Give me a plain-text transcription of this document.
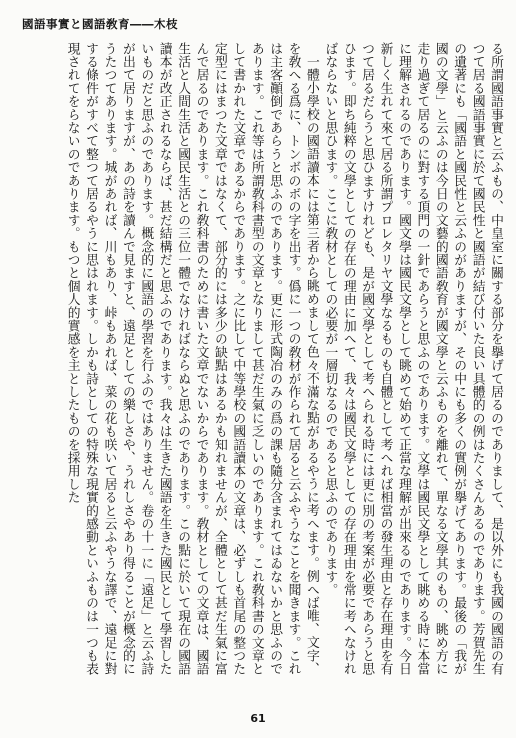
國語事實と國語敎育――木枝

る所謂國語事實と云ふもの、中皇室に關する部分を擧げて居るのでありまして、是以外にも我國の國語の有つて居る國語事實に於て國民性と國語が結び付いた良い具體的の例はたくさんあるのであります。芳賀先生の遺著にも「國語と國民性と云ふのがありますが、その中にも多くの實例が擧げてあります。最後の「我が國の文學」と云ふのは今日の文藝的國語敎育が國文學と云ふものを離れて、單なる文學其のもの、眺め方に走り過ぎて居るのに對する頂門の一針であらうと思ふのであります。文學は國民文學として眺める時に本當に理解されるのであります。國文學は國民文學として眺めて始めて正當な理解が出來るのであります。今日新しく生れて來て居る所謂プロレタリヤ文學なるものも自體として考へれば相當の發生理由と存在理由を有つて居るだらうと思ひますけれども、是が國文學として考へられる時には更に別の考案が必要であらうと思ひます。即ち純粹の文學としての存在の理由に加へて、我々は國民文學としての存在理由を常に考へなければならないと思ひます。ここに敎材としての必要が一層切なるのであると思ふのであります。

一體小學校の國語讀本には第三者から眺めまして色々不滿な點があるやうに考へます。例へば唯、文字、を敎へる爲に、トンボのボの字を出す。僞に一つの敎材が作られて居ると云ふやうなことを聞きます。これは主客顚倒であらうと思ふのであります。更に形式陶冶のみの爲の課も隨分含まれてはゐないかと思ふのであります。これ等は所謂敎科書型の文章となりまして甚だ生氣に乏しいのであります。これ敎科書の文章として書かれた文章であるからであります。之に比して中等學校の國語讀本の文章は、必ずしも首尾の整つた定型にはまつた文章ではなくて、部分的には多少の缺點はあるかも知れませんが、全體として甚だ生氣に富んで居るのであります。これ敎科書のために書いた文章でないからであります。敎材としての文章は、國語生活と人間生活と國民生活との三位一體でなければならぬと思ふのであります。この點に於いて現在の國語讀本が改正されるならば、甚だ結構だと思ふのであります。我々は生きた國語を生きた國民として學習したいものだと思ふのであります。概念的に國語の學習を行ふのではありません。卷の十一に「遠足」と云ふ詩が出て居りますが、あの詩を讀んで見ますと、遠足としての樂しさや、うれしさやあり得ることが概念的にうたつてあります。城があれば、川もあり、峠もあれば、菜の花も咲いて居ると云ふやうな譯で、遠足に對する條件がすべて整つて居るやうに思はれます。しかも詩としての特殊な現實的感動といふものは一つも表現されてをらないのであります。もつと個人的實感を主としたものを採用した

61
